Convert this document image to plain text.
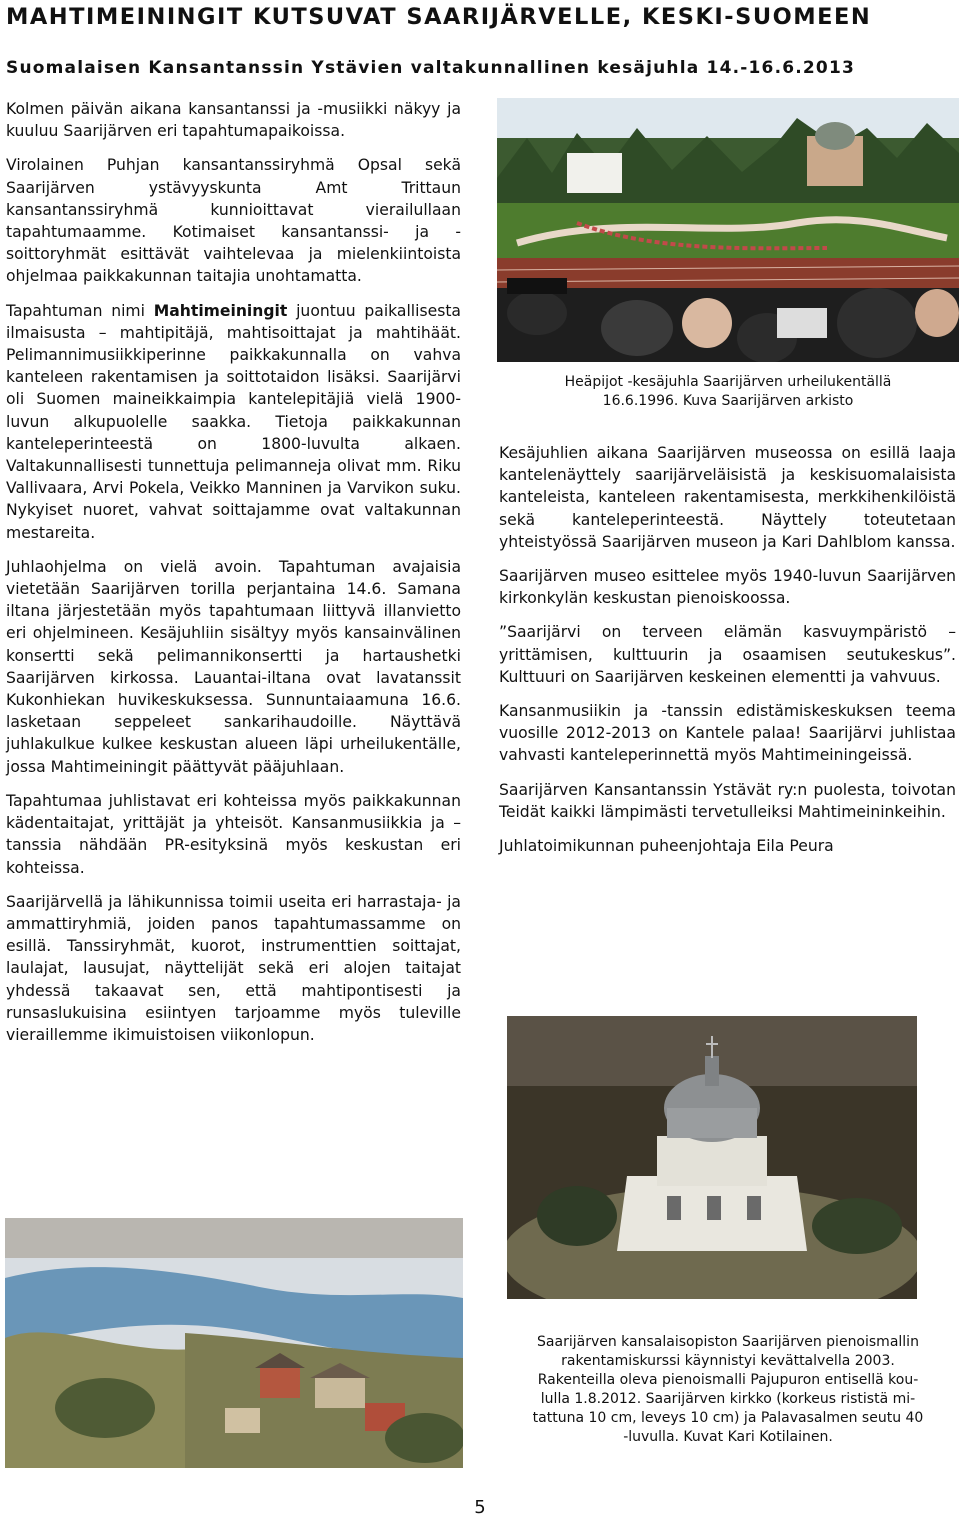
MAHTIMEININGIT KUTSUVAT SAARIJÄRVELLE, KESKI-SUOMEEN
Suomalaisen Kansantanssin Ystävien valtakunnallinen kesäjuhla 14.-16.6.2013

Kolmen päivän aikana kansantanssi ja -musiikki näkyy ja kuuluu Saarijärven eri tapahtumapaikoissa.

Virolainen Puhjan kansantanssiryhmä Opsal sekä Saarijärven ystävyyskunta Amt Trittaun kansantanssiryhmä kunnioittavat vierailullaan tapahtumaamme. Kotimaiset kansantanssi- ja -soittoryhmät esittävät vaihtelevaa ja mielenkiintoista ohjelmaa paikkakunnan taitajia unohtamatta.

Tapahtuman nimi Mahtimeiningit juontuu paikallisesta ilmaisusta – mahtipitäjä, mahtisoittajat ja mahtihäät. Pelimannimusiikkiperinne paikkakunnalla on vahva kanteleen rakentamisen ja soittotaidon lisäksi. Saarijärvi oli Suomen maineikkaimpia kantelepitäjiä vielä 1900-luvun alkupuolelle saakka. Tietoja paikkakunnan kanteleperinteestä on 1800-luvulta alkaen. Valtakunnallisesti tunnettuja pelimanneja olivat mm. Riku Vallivaara, Arvi Pokela, Veikko Manninen ja Varvikon suku. Nykyiset nuoret, vahvat soittajamme ovat valtakunnan mestareita.

Juhlaohjelma on vielä avoin. Tapahtuman avajaisia vietetään Saarijärven torilla perjantaina 14.6. Samana iltana järjestetään myös tapahtumaan liittyvä illanvietto eri ohjelmineen. Kesäjuhliin sisältyy myös kansainvälinen konsertti sekä pelimannikonsertti ja hartaushetki Saarijärven kirkossa. Lauantai-iltana ovat lavatanssit Kukonhiekan huvikeskuksessa. Sunnuntaiaamuna 16.6. lasketaan seppeleet sankarihaudoille. Näyttävä juhlakulkue kulkee keskustan alueen läpi urheilukentälle, jossa Mahtimeiningit päättyvät pääjuhlaan.

Tapahtumaa juhlistavat eri kohteissa myös paikkakunnan kädentaitajat, yrittäjät ja yhteisöt. Kansanmusiikkia ja –tanssia nähdään PR-esityksinä myös keskustan eri kohteissa.

Saarijärvellä ja lähikunnissa toimii useita eri harrastaja- ja ammattiryhmiä, joiden panos tapahtumassamme on esillä. Tanssiryhmät, kuorot, instrumenttien soittajat, laulajat, lausujat, näyttelijät sekä eri alojen taitajat yhdessä takaavat sen, että mahtipontisesti ja runsaslukuisina esiintyen tarjoamme myös tuleville vieraillemme ikimuistoisen viikonlopun.

Heäpijot -kesäjuhla Saarijärven urheilukentällä
16.6.1996. Kuva Saarijärven arkisto

Kesäjuhlien aikana Saarijärven museossa on esillä laaja kantelenäyttely saarijärveläisistä ja keskisuomalaisista kanteleista, kanteleen rakentamisesta, merkkihenkilöistä sekä kanteleperinteestä. Näyttely toteutetaan yhteistyössä Saarijärven museon ja Kari Dahlblom kanssa.

Saarijärven museo esittelee myös 1940-luvun Saarijärven kirkonkylän keskustan pienoiskoossa.

”Saarijärvi on terveen elämän kasvuympäristö – yrittämisen, kulttuurin ja osaamisen seutukeskus”. Kulttuuri on Saarijärven keskeinen elementti ja vahvuus.

Kansanmusiikin ja -tanssin edistämiskeskuksen teema vuosille 2012-2013 on Kantele palaa! Saarijärvi juhlistaa vahvasti kanteleperinnettä myös Mahtimeiningeissä.

Saarijärven Kansantanssin Ystävät ry:n puolesta, toivotan Teidät kaikki lämpimästi tervetulleiksi Mahtimeininkeihin.

Juhlatoimikunnan puheenjohtaja Eila Peura

Saarijärven kansalaisopiston Saarijärven pienoismallin
rakentamiskurssi käynnistyi kevättalvella 2003.
Rakenteilla oleva pienoismalli Pajupuron entisellä kou-
lulla 1.8.2012. Saarijärven kirkko (korkeus rististä mi-
tattuna 10 cm, leveys 10 cm) ja Palavasalmen seutu 40
-luvulla. Kuvat Kari Kotilainen.
5
